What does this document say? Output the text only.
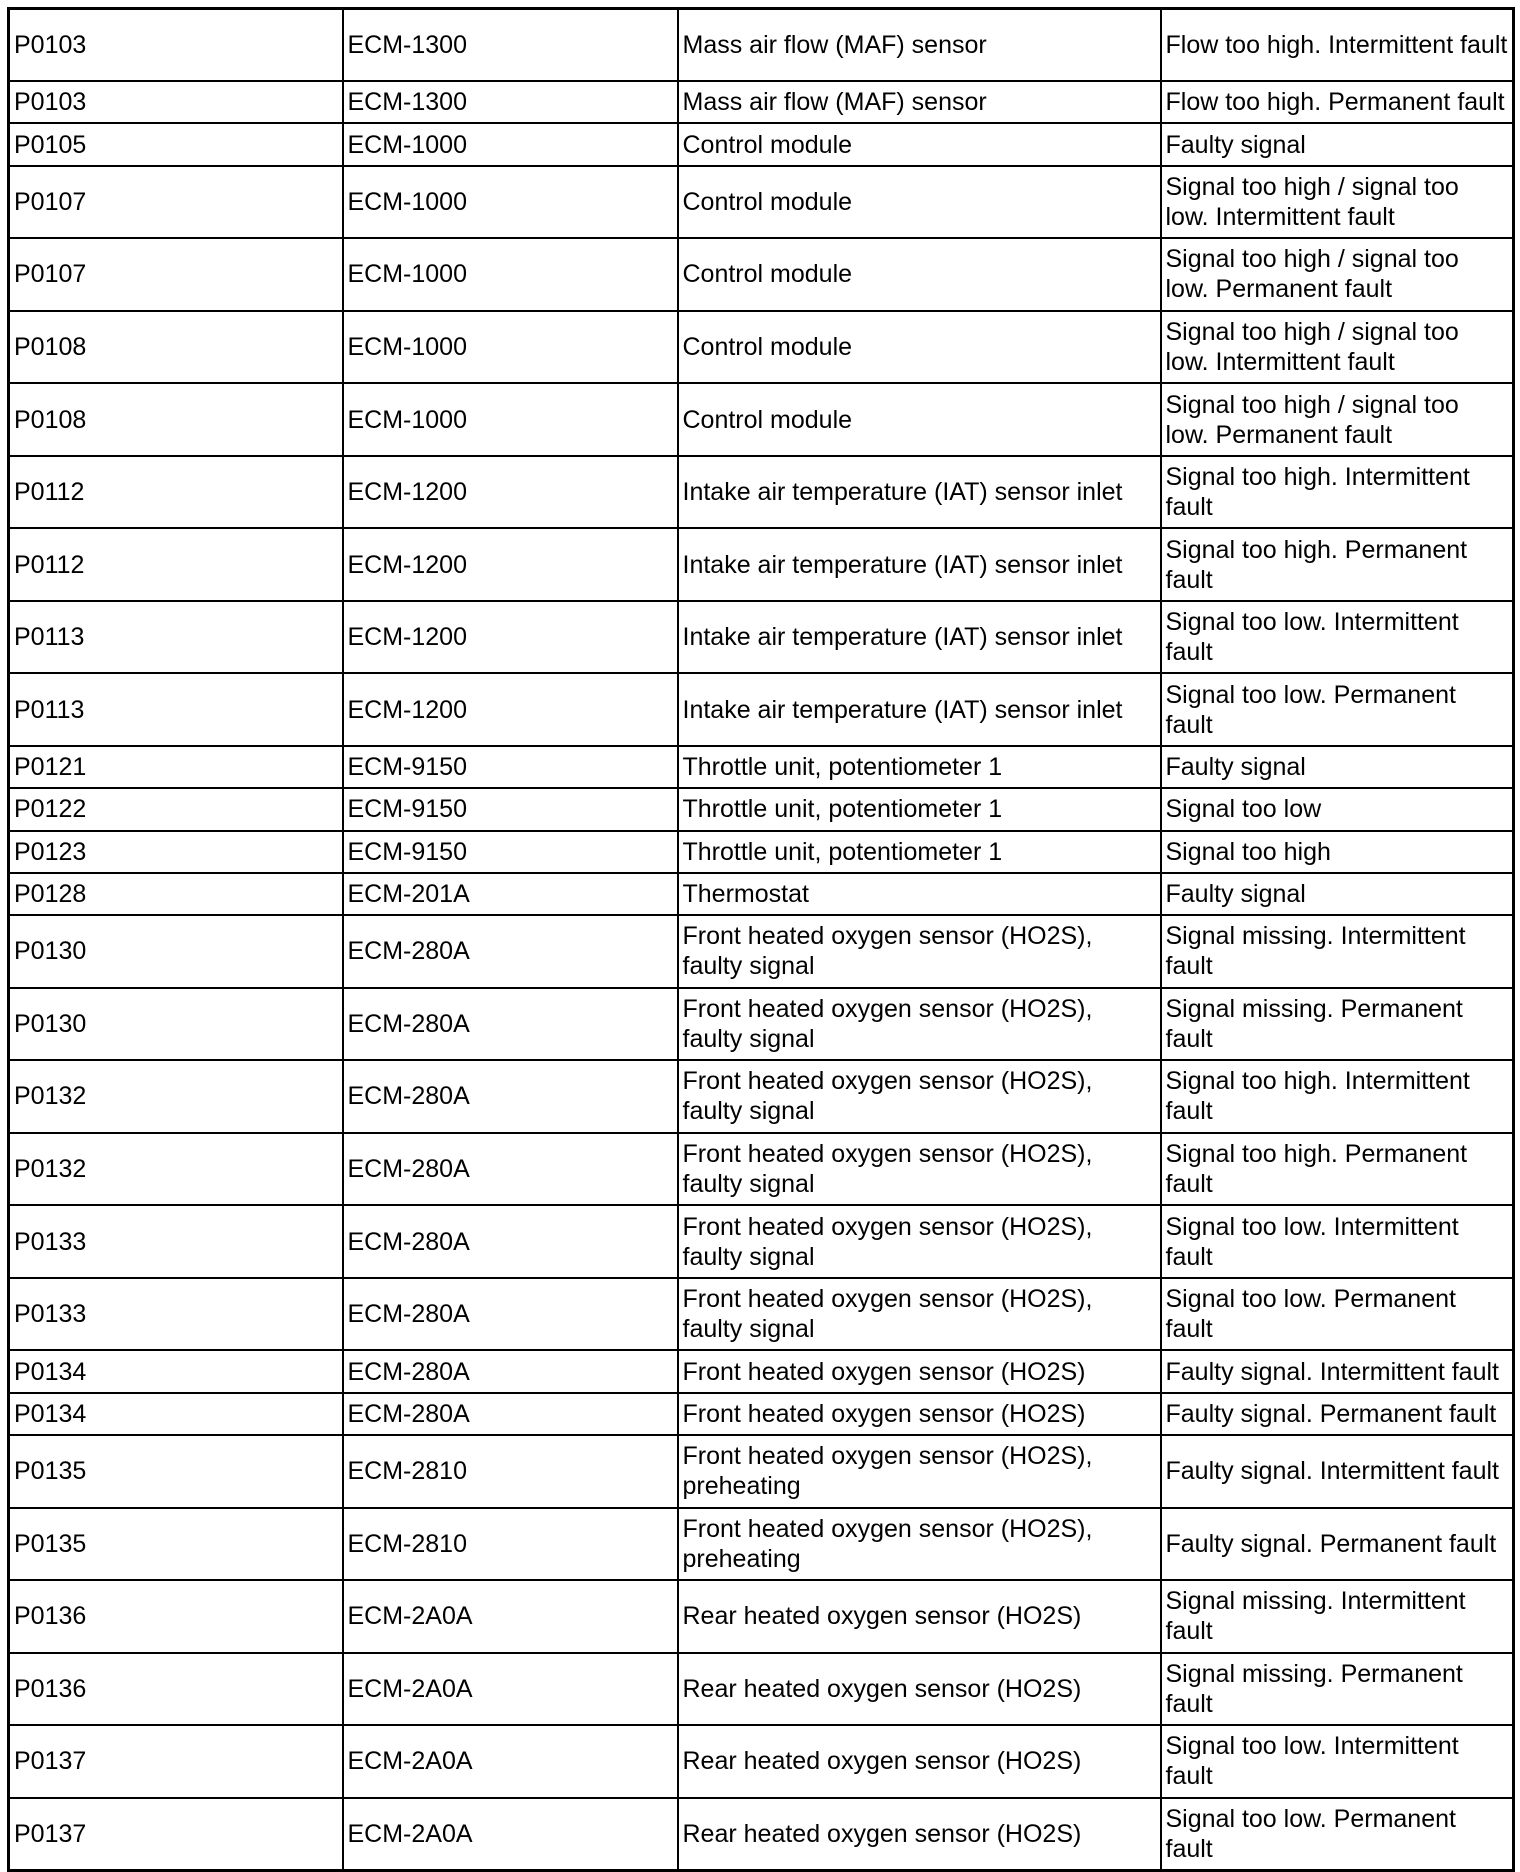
P0103	ECM-1300	Mass air flow (MAF) sensor	Flow too high. Intermittent fault
P0103	ECM-1300	Mass air flow (MAF) sensor	Flow too high. Permanent fault
P0105	ECM-1000	Control module	Faulty signal
P0107	ECM-1000	Control module	Signal too high / signal too low. Intermittent fault
P0107	ECM-1000	Control module	Signal too high / signal too low. Permanent fault
P0108	ECM-1000	Control module	Signal too high / signal too low. Intermittent fault
P0108	ECM-1000	Control module	Signal too high / signal too low. Permanent fault
P0112	ECM-1200	Intake air temperature (IAT) sensor inlet	Signal too high. Intermittent fault
P0112	ECM-1200	Intake air temperature (IAT) sensor inlet	Signal too high. Permanent fault
P0113	ECM-1200	Intake air temperature (IAT) sensor inlet	Signal too low. Intermittent fault
P0113	ECM-1200	Intake air temperature (IAT) sensor inlet	Signal too low. Permanent fault
P0121	ECM-9150	Throttle unit, potentiometer 1	Faulty signal
P0122	ECM-9150	Throttle unit, potentiometer 1	Signal too low
P0123	ECM-9150	Throttle unit, potentiometer 1	Signal too high
P0128	ECM-201A	Thermostat	Faulty signal
P0130	ECM-280A	Front heated oxygen sensor (HO2S), faulty signal	Signal missing. Intermittent fault
P0130	ECM-280A	Front heated oxygen sensor (HO2S), faulty signal	Signal missing. Permanent fault
P0132	ECM-280A	Front heated oxygen sensor (HO2S), faulty signal	Signal too high. Intermittent fault
P0132	ECM-280A	Front heated oxygen sensor (HO2S), faulty signal	Signal too high. Permanent fault
P0133	ECM-280A	Front heated oxygen sensor (HO2S), faulty signal	Signal too low. Intermittent fault
P0133	ECM-280A	Front heated oxygen sensor (HO2S), faulty signal	Signal too low. Permanent fault
P0134	ECM-280A	Front heated oxygen sensor (HO2S)	Faulty signal. Intermittent fault
P0134	ECM-280A	Front heated oxygen sensor (HO2S)	Faulty signal. Permanent fault
P0135	ECM-2810	Front heated oxygen sensor (HO2S), preheating	Faulty signal. Intermittent fault
P0135	ECM-2810	Front heated oxygen sensor (HO2S), preheating	Faulty signal. Permanent fault
P0136	ECM-2A0A	Rear heated oxygen sensor (HO2S)	Signal missing. Intermittent fault
P0136	ECM-2A0A	Rear heated oxygen sensor (HO2S)	Signal missing. Permanent fault
P0137	ECM-2A0A	Rear heated oxygen sensor (HO2S)	Signal too low. Intermittent fault
P0137	ECM-2A0A	Rear heated oxygen sensor (HO2S)	Signal too low. Permanent fault
